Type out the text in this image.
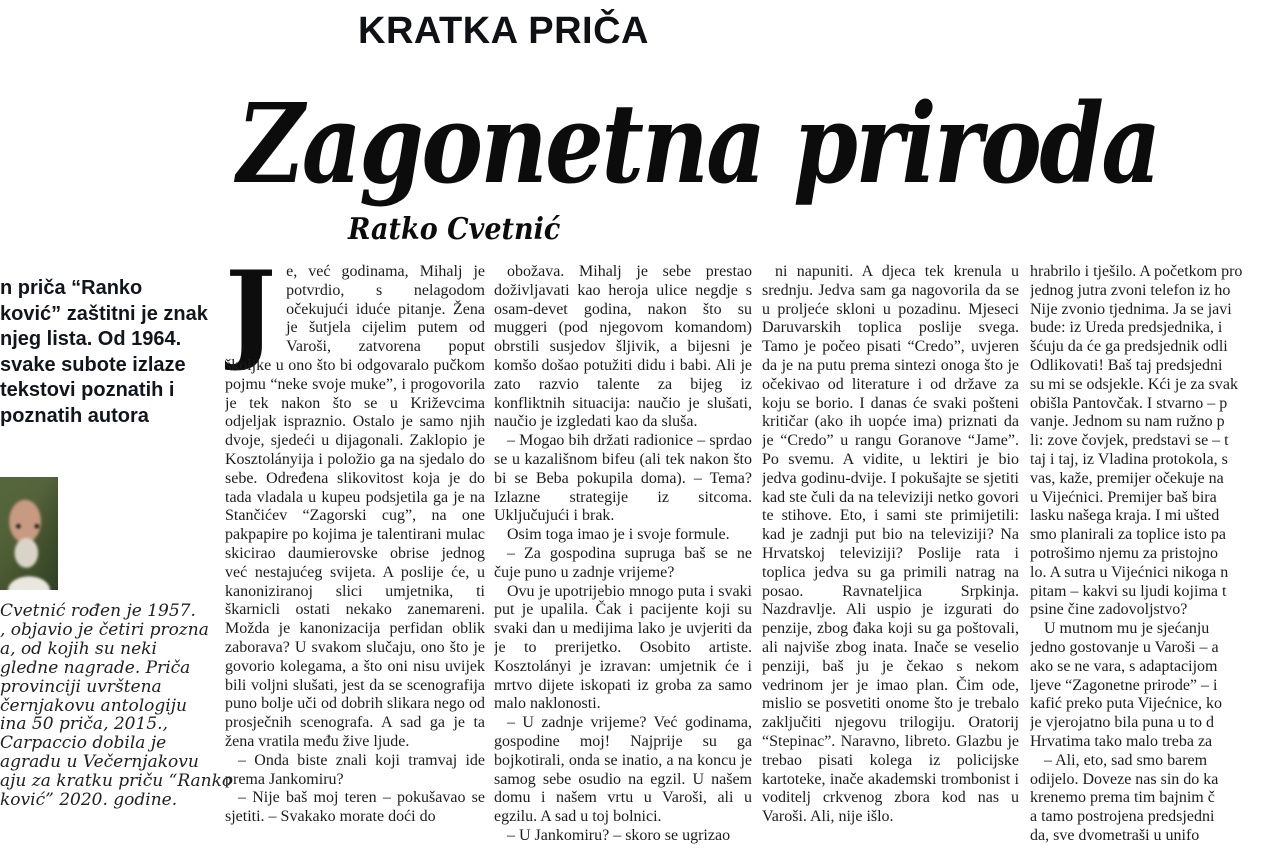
KRATKA PRIČA
Zagonetna priroda
Ratko Cvetnić
n priča “Ranko
ković” zaštitni je znak
njeg lista. Od 1964.
svake subote izlaze
tekstovi poznatih i
poznatih autora
Cvetnić rođen je 1957.
, objavio je četiri prozna
a, od kojih su neki
gledne nagrade. Priča
provinciji uvrštena
černjakovu antologiju
ina 50 priča, 2015.,
Carpaccio dobila je
agradu u Večernjakovu
aju za kratku priču “Ranko
ković” 2020. godine.

Je, već godinama, Mihalj je potvrdio, s nelagodom očekujući iduće pitanje. Žena je šutjela cijelim putem od Varoši, zatvorena poput školjke u ono što bi odgovaralo pučkom pojmu “neke svoje muke”, i progovorila je tek nakon što se u Križevcima odjeljak ispraznio. Ostalo je samo njih dvoje, sjedeći u dijagonali. Zaklopio je Kosztolányija i položio ga na sjedalo do sebe. Određena slikovitost koja je do tada vladala u kupeu podsjetila ga je na Stančićev “Zagorski cug”, na one pakpapire po kojima je talentirani mulac skicirao daumierovske obrise jednog već nestajućeg svijeta. A poslije će, u kanoniziranoj slici umjetnika, ti škarnicli ostati nekako zanemareni. Možda je kanonizacija perfidan oblik zaborava? U svakom slučaju, ono što je govorio kolegama, a što oni nisu uvijek bili voljni slušati, jest da se scenografija puno bolje uči od dobrih slikara nego od prosječnih scenografa. A sad ga je ta žena vratila među žive ljude.

– Onda biste znali koji tramvaj ide prema Jankomiru?

– Nije baš moj teren – pokušavao se sjetiti. – Svakako morate doći do

obožava. Mihalj je sebe prestao doživljavati kao heroja ulice negdje s osam-devet godina, nakon što su muggeri (pod njegovom komandom) obrstili susjedov šljivik, a bijesni je komšo došao potužiti didu i babi. Ali je zato razvio talente za bijeg iz konfliktnih situacija: naučio je slušati, naučio je izgledati kao da sluša.

– Mogao bih držati radionice – sprdao se u kazališnom bifeu (ali tek nakon što bi se Beba pokupila doma). – Tema? Izlazne strategije iz sitcoma. Uključujući i brak.

Osim toga imao je i svoje formule.

– Za gospodina supruga baš se ne čuje puno u zadnje vrijeme?

Ovu je upotrijebio mnogo puta i svaki put je upalila. Čak i pacijente koji su svaki dan u medijima lako je uvjeriti da je to prerijetko. Osobito artiste. Kosztolányi je izravan: umjetnik će i mrtvo dijete iskopati iz groba za samo malo naklonosti.

– U zadnje vrijeme? Već godinama, gospodine moj! Najprije su ga bojkotirali, onda se inatio, a na koncu je samog sebe osudio na egzil. U našem domu i našem vrtu u Varoši, ali u egzilu. A sad u toj bolnici.

– U Jankomiru? – skoro se ugrizao

ni napuniti. A djeca tek krenula u srednju. Jedva sam ga nagovorila da se u proljeće skloni u pozadinu. Mjeseci Daruvarskih toplica poslije svega. Tamo je počeo pisati “Credo”, uvjeren da je na putu prema sintezi onoga što je očekivao od literature i od države za koju se borio. I danas će svaki pošteni kritičar (ako ih uopće ima) priznati da je “Credo” u rangu Goranove “Jame”. Po svemu. A vidite, u lektiri je bio jedva godinu-dvije. I pokušajte se sjetiti kad ste čuli da na televiziji netko govori te stihove. Eto, i sami ste primijetili: kad je zadnji put bio na televiziji? Na Hrvatskoj televiziji? Poslije rata i toplica jedva su ga primili natrag na posao. Ravnateljica Srpkinja. Nazdravlje. Ali uspio je izgurati do penzije, zbog đaka koji su ga poštovali, ali najviše zbog inata. Inače se veselio penziji, baš ju je čekao s nekom vedrinom jer je imao plan. Čim ode, mislio se posvetiti onome što je trebalo zaključiti njegovu trilogiju. Oratorij “Stepinac”. Naravno, libreto. Glazbu je trebao pisati kolega iz policijske kartoteke, inače akademski trombonist i voditelj crkvenog zbora kod nas u Varoši. Ali, nije išlo.

hrabrilo i tješilo. A početkom pro
jednog jutra zvoni telefon iz ho
Nije zvonio tjednima. Ja se javi
bude: iz Ureda predsjednika, i
šćuju da će ga predsjednik odli
Odlikovati! Baš taj predsjedni
su mi se odsjekle. Kći je za svak
obišla Pantovčak. I stvarno – p
vanje. Jednom su nam ružno p
li: zove čovjek, predstavi se – t
taj i taj, iz Vladina protokola, s
vas, kaže, premijer očekuje na
u Vijećnici. Premijer baš bira
lasku našega kraja. I mi ušted
smo planirali za toplice isto pa
potrošimo njemu za pristojno
lo. A sutra u Vijećnici nikoga n
pitam – kakvi su ljudi kojima t
psine čine zadovoljstvo?
U mutnom mu je sjećanju
jedno gostovanje u Varoši – a
ako se ne vara, s adaptacijom
ljeve “Zagonetne prirode” – i
kafić preko puta Vijećnice, ko
je vjerojatno bila puna u to d
Hrvatima tako malo treba za
– Ali, eto, sad smo barem
odijelo. Doveze nas sin do ka
krenemo prema tim bajnim č
a tamo postrojena predsjedni
da, sve dvometraši u unifo
